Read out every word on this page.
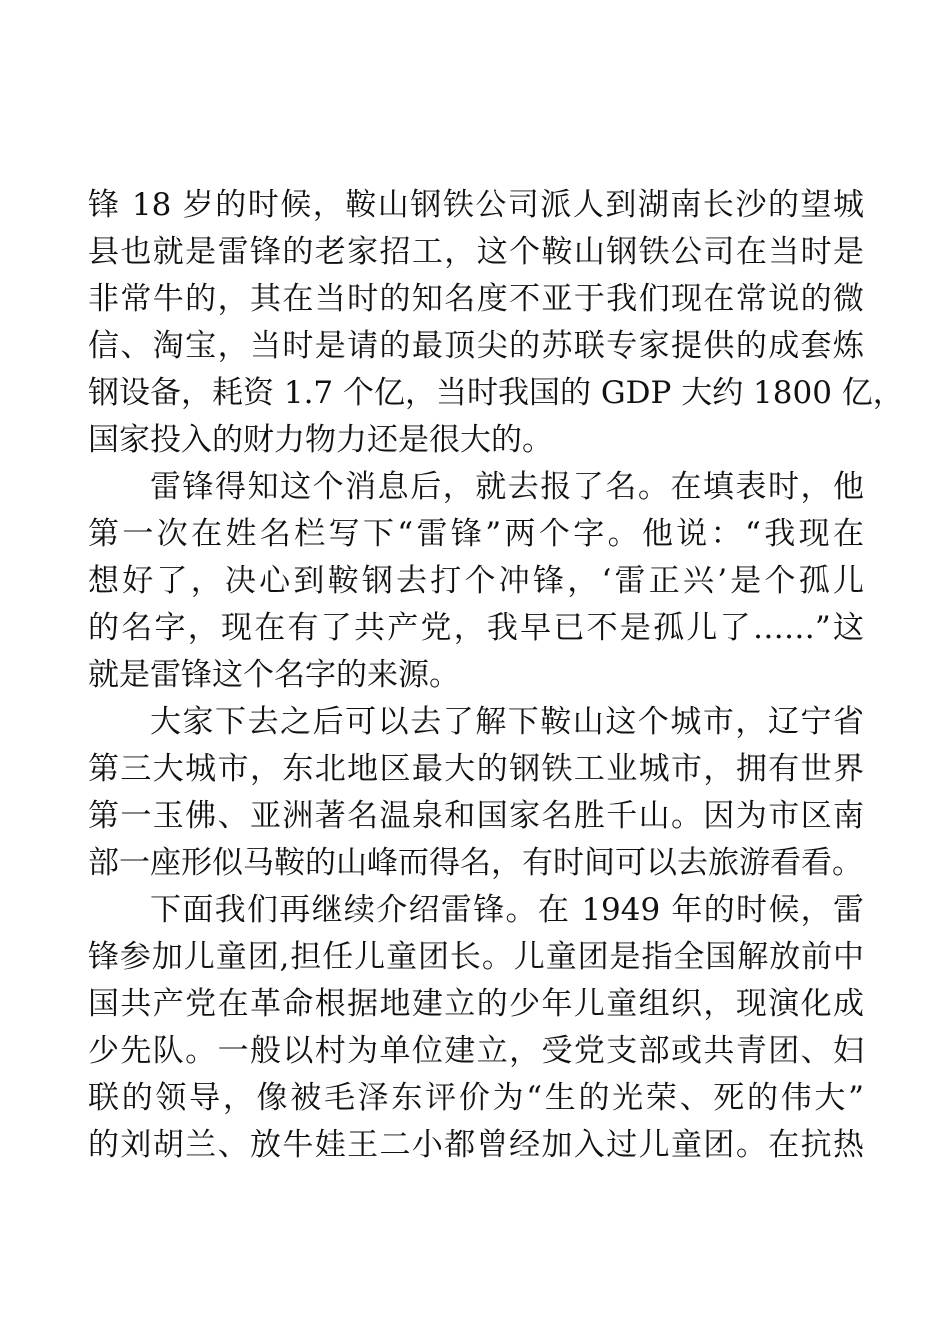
锋 18 岁的时候，鞍山钢铁公司派人到湖南长沙的望城
县也就是雷锋的老家招工，这个鞍山钢铁公司在当时是
非常牛的，其在当时的知名度不亚于我们现在常说的微
信、淘宝，当时是请的最顶尖的苏联专家提供的成套炼
钢设备，耗资 1.7 个亿，当时我国的 GDP 大约 1800 亿，
国家投入的财力物力还是很大的。
雷锋得知这个消息后，就去报了名。在填表时，他
第一次在姓名栏写下“雷锋”两个字。他说：“我现在
想好了，决心到鞍钢去打个冲锋，‘雷正兴’是个孤儿
的名字，现在有了共产党，我早已不是孤儿了……”这
就是雷锋这个名字的来源。
大家下去之后可以去了解下鞍山这个城市，辽宁省
第三大城市，东北地区最大的钢铁工业城市，拥有世界
第一玉佛、亚洲著名温泉和国家名胜千山。因为市区南
部一座形似马鞍的山峰而得名，有时间可以去旅游看看。
下面我们再继续介绍雷锋。在 1949 年的时候，雷
锋参加儿童团,担任儿童团长。儿童团是指全国解放前中
国共产党在革命根据地建立的少年儿童组织，现演化成
少先队。一般以村为单位建立，受党支部或共青团、妇
联的领导，像被毛泽东评价为“生的光荣、死的伟大”
的刘胡兰、放牛娃王二小都曾经加入过儿童团。在抗热
